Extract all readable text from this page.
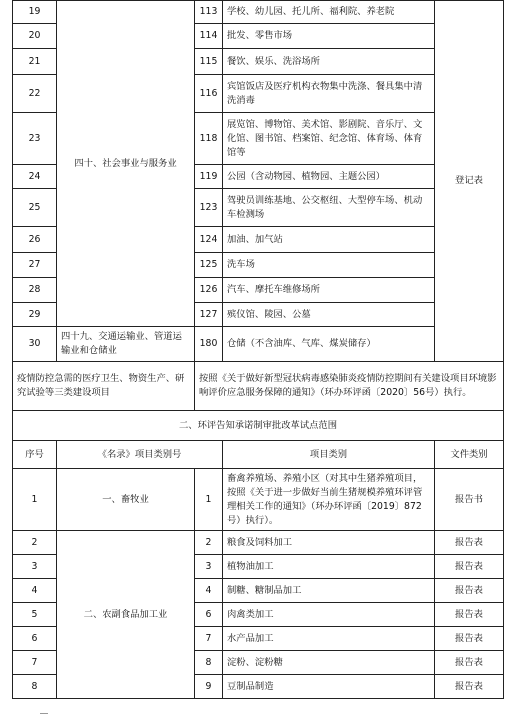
19	四十、社会事业与服务业	113	学校、幼儿园、托儿所、福利院、养老院	登记表
20		114	批发、零售市场	
21		115	餐饮、娱乐、洗浴场所	
22		116	宾馆饭店及医疗机构衣物集中洗涤、餐具集中清洗消毒	
23		118	展览馆、博物馆、美术馆、影剧院、音乐厅、文化馆、图书馆、档案馆、纪念馆、体育场、体育馆等	
24		119	公园（含动物园、植物园、主题公园）	
25		123	驾驶员训练基地、公交枢纽、大型停车场、机动车检测场	
26		124	加油、加气站	
27		125	洗车场	
28		126	汽车、摩托车维修场所	
29		127	殡仪馆、陵园、公墓	
30	四十九、交通运输业、管道运输业和仓储业	180	仓储（不含油库、气库、煤炭储存）	
疫情防控急需的医疗卫生、物资生产、研究试验等三类建设项目		按照《关于做好新型冠状病毒感染肺炎疫情防控期间有关建设项目环境影响评价应急服务保障的通知》（环办环评函〔2020〕56号）执行。		
二、环评告知承诺制审批改革试点范围				
序号	《名录》项目类别号		项目类别	文件类别
1	一、畜牧业	1	畜禽养殖场、养殖小区（对其中生猪养殖项目，按照《关于进一步做好当前生猪规模养殖环评管理相关工作的通知》（环办环评函〔2019〕872号）执行）。	报告书
2	二、农副食品加工业	2	粮食及饲料加工	报告表
3		3	植物油加工	报告表
4		4	制糖、糖制品加工	报告表
5		6	肉禽类加工	报告表
6		7	水产品加工	报告表
7		8	淀粉、淀粉糖	报告表
8		9	豆制品制造	报告表
